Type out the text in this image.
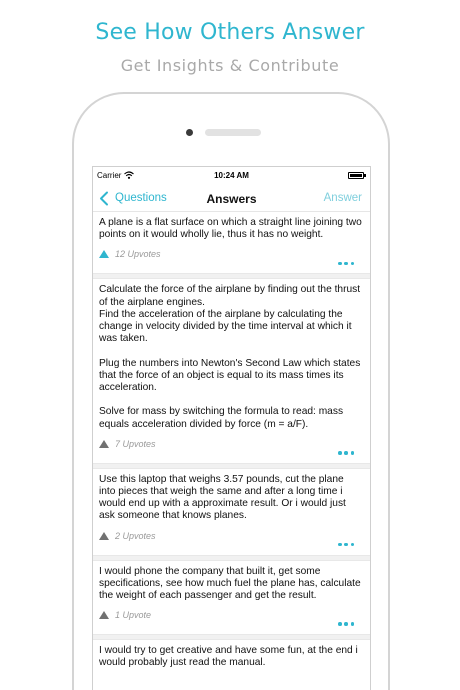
See How Others Answer
Get Insights & Contribute
Carrier	10:24 AM
Questions	Answers	Answer

A plane is a flat surface on which a straight line joining two points on it would wholly lie, thus it has no weight.

12 Upvotes

Calculate the force of the airplane by finding out the thrust of the airplane engines.
Find the acceleration of the airplane by calculating the change in velocity divided by the time interval at which it was taken.

Plug the numbers into Newton's Second Law which states that the force of an object is equal to its mass times its acceleration.

Solve for mass by switching the formula to read: mass equals acceleration divided by force (m = a/F).

7 Upvotes

Use this laptop that weighs 3.57 pounds, cut the plane into pieces that weigh the same and after a long time i would end up with a approximate result. Or i would just ask someone that knows planes.

2 Upvotes

I would phone the company that built it, get some specifications, see how much fuel the plane has, calculate the weight of each passenger and get the result.

1 Upvote

I would try to get creative and have some fun, at the end i would probably just read the manual.
